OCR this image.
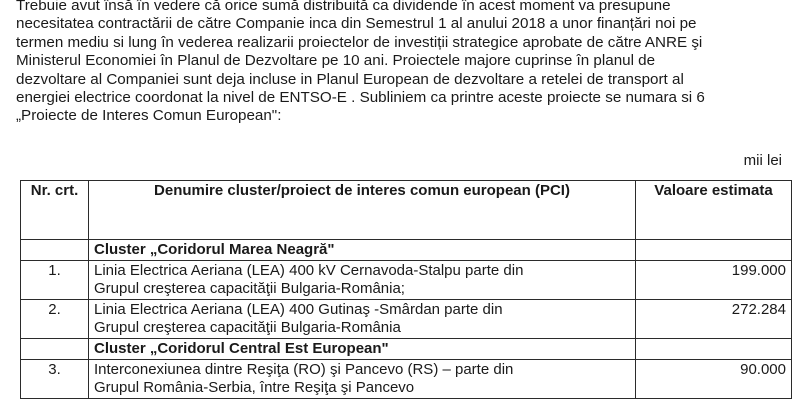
Trebuie avut însă în vedere că orice sumă distribuită ca dividende în acest moment va presupune
necesitatea contractării de către Companie inca din Semestrul 1 al anului 2018 a unor finanțări noi pe
termen mediu si lung în vederea realizarii proiectelor de investiții strategice aprobate de către ANRE şi
Ministerul Economiei în Planul de Dezvoltare pe 10 ani. Proiectele majore cuprinse în planul de
dezvoltare al Companiei sunt deja incluse in Planul European de dezvoltare a retelei de transport al
energiei electrice coordonat la nivel de ENTSO-E . Subliniem ca printre aceste proiecte se numara si 6
„Proiecte de Interes Comun European":

mii lei
Nr. crt.	Denumire cluster/proiect de interes comun european (PCI)	Valoare estimata
	Cluster „Coridorul Marea Neagră"	
1.	Linia Electrica Aeriana (LEA) 400 kV Cernavoda-Stalpu parte din
Grupul creşterea capacităţii Bulgaria-România;	199.000
2.	Linia Electrica Aeriana (LEA) 400 Gutinaş -Smârdan parte din
Grupul creşterea capacităţii Bulgaria-România	272.284
	Cluster „Coridorul Central Est European"	
3.	Interconexiunea dintre Reşiţa (RO) şi Pancevo (RS) – parte din
Grupul România-Serbia, între Reşiţa şi Pancevo	90.000
